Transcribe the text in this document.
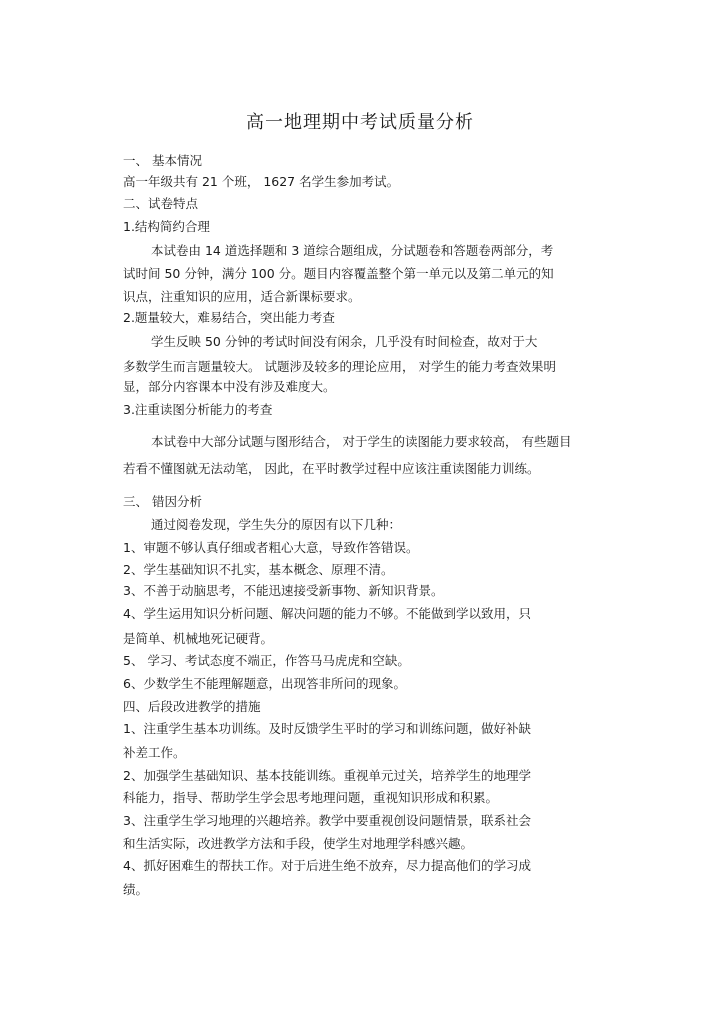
高一地理期中考试质量分析
一、 基本情况
高一年级共有 21 个班， 1627 名学生参加考试。
二、试卷特点
1.结构简约合理
本试卷由 14 道选择题和 3 道综合题组成，分试题卷和答题卷两部分，考
试时间 50 分钟，满分 100 分。题目内容覆盖整个第一单元以及第二单元的知
识点，注重知识的应用，适合新课标要求。
2.题量较大，难易结合，突出能力考查
学生反映 50 分钟的考试时间没有闲余，几乎没有时间检查，故对于大
多数学生而言题量较大。 试题涉及较多的理论应用， 对学生的能力考查效果明
显，部分内容课本中没有涉及难度大。
3.注重读图分析能力的考查
本试卷中大部分试题与图形结合， 对于学生的读图能力要求较高， 有些题目
若看不懂图就无法动笔， 因此，在平时教学过程中应该注重读图能力训练。
三、 错因分析
通过阅卷发现，学生失分的原因有以下几种：
1、审题不够认真仔细或者粗心大意，导致作答错误。
2、学生基础知识不扎实，基本概念、原理不清。
3、不善于动脑思考，不能迅速接受新事物、新知识背景。
4、学生运用知识分析问题、解决问题的能力不够。不能做到学以致用，只
是简单、机械地死记硬背。
5、 学习、考试态度不端正，作答马马虎虎和空缺。
6、少数学生不能理解题意，出现答非所问的现象。
四、后段改进教学的措施
1、注重学生基本功训练。及时反馈学生平时的学习和训练问题，做好补缺
补差工作。
2、加强学生基础知识、基本技能训练。重视单元过关，培养学生的地理学
科能力，指导、帮助学生学会思考地理问题，重视知识形成和积累。
3、注重学生学习地理的兴趣培养。教学中要重视创设问题情景，联系社会
和生活实际，改进教学方法和手段，使学生对地理学科感兴趣。
4、抓好困难生的帮扶工作。对于后进生绝不放弃，尽力提高他们的学习成
绩。
